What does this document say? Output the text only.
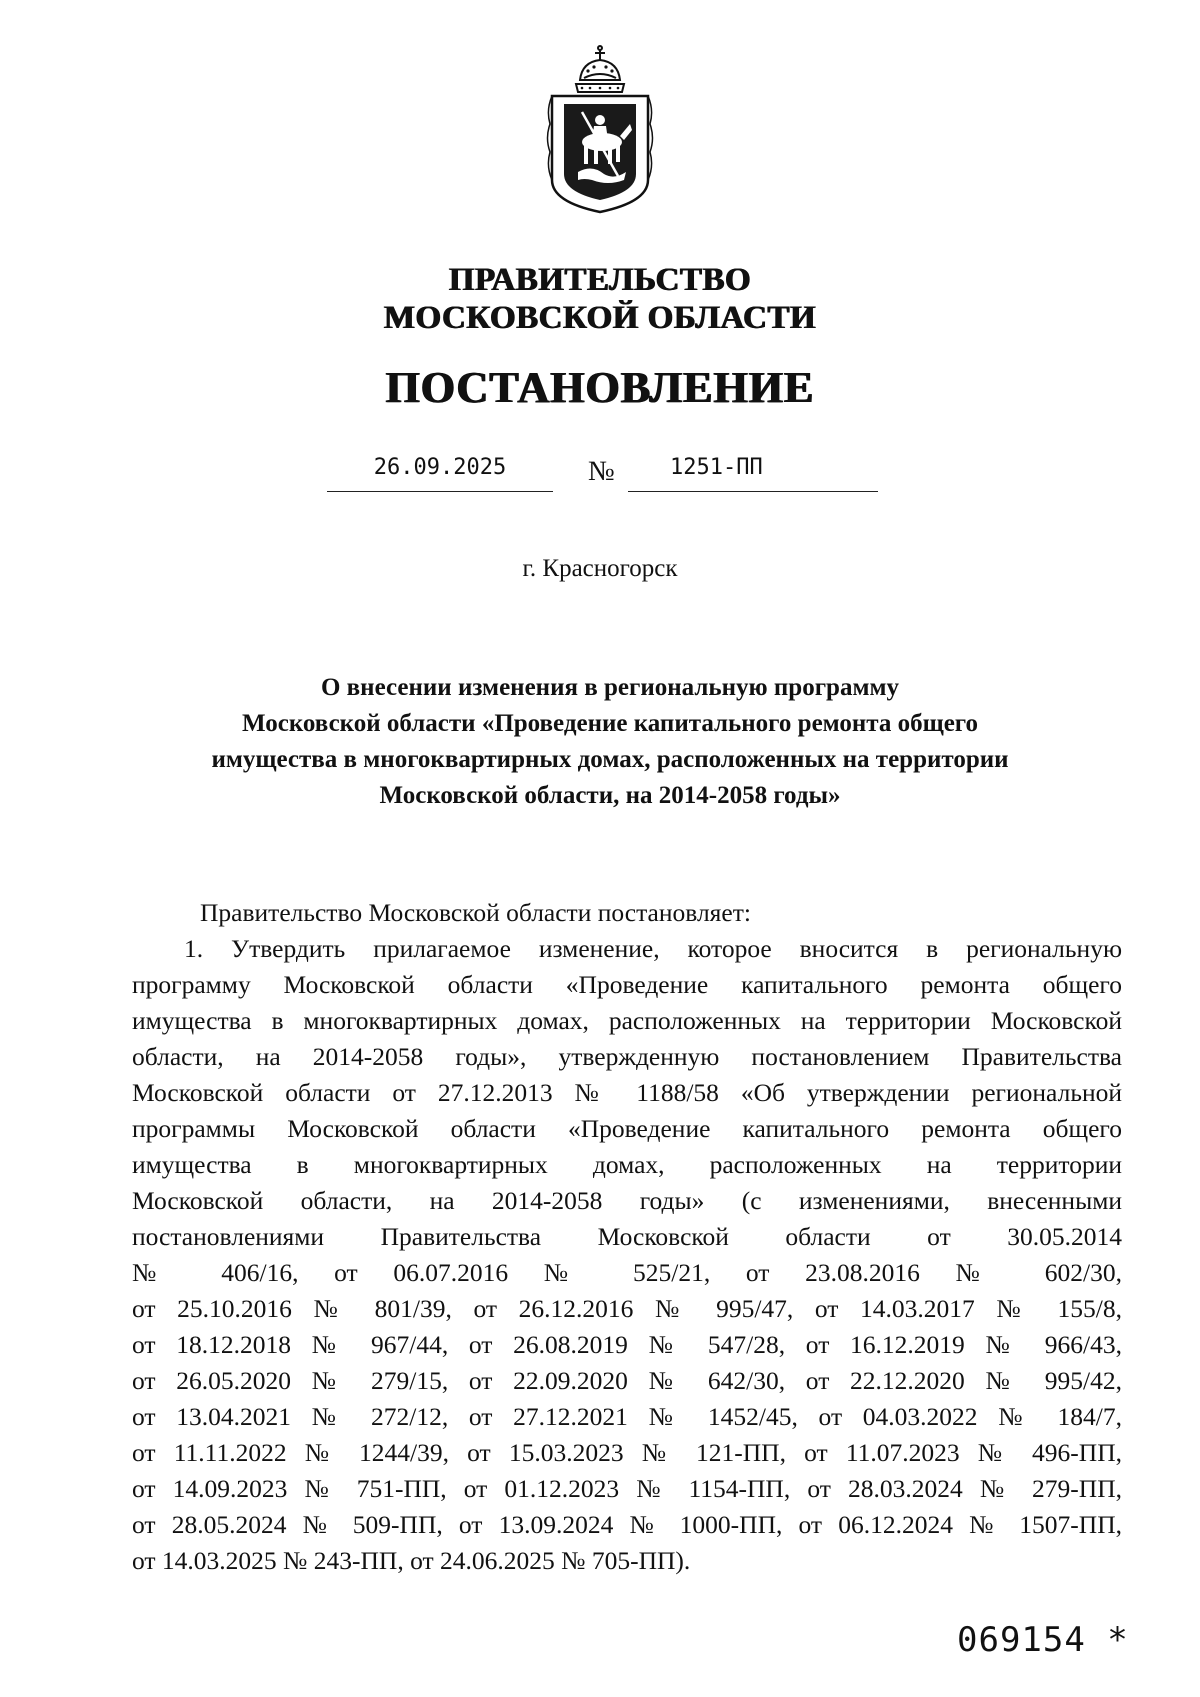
ПРАВИТЕЛЬСТВО
МОСКОВСКОЙ ОБЛАСТИ
ПОСТАНОВЛЕНИЕ
26.09.2025	№	1251-ПП
г. Красногорск
О внесении изменения в региональную программу
Московской области «Проведение капитального ремонта общего
имущества в многоквартирных домах, расположенных на территории
Московской области, на 2014-2058 годы»
Правительство Московской области постановляет:
1. Утвердить прилагаемое изменение, которое вносится в региональную
программу Московской области «Проведение капитального ремонта общего
имущества в многоквартирных домах, расположенных на территории Московской
области, на 2014-2058 годы», утвержденную постановлением Правительства
Московской области от 27.12.2013 № 1188/58 «Об утверждении региональной
программы Московской области «Проведение капитального ремонта общего
имущества в многоквартирных домах, расположенных на территории
Московской области, на 2014-2058 годы» (с изменениями, внесенными
постановлениями Правительства Московской области от 30.05.2014
№ 406/16, от 06.07.2016 № 525/21, от 23.08.2016 № 602/30,
от 25.10.2016 № 801/39, от 26.12.2016 № 995/47, от 14.03.2017 № 155/8,
от 18.12.2018 № 967/44, от 26.08.2019 № 547/28, от 16.12.2019 № 966/43,
от 26.05.2020 № 279/15, от 22.09.2020 № 642/30, от 22.12.2020 № 995/42,
от 13.04.2021 № 272/12, от 27.12.2021 № 1452/45, от 04.03.2022 № 184/7,
от 11.11.2022 № 1244/39, от 15.03.2023 № 121-ПП, от 11.07.2023 № 496-ПП,
от 14.09.2023 № 751-ПП, от 01.12.2023 № 1154-ПП, от 28.03.2024 № 279-ПП,
от 28.05.2024 № 509-ПП, от 13.09.2024 № 1000-ПП, от 06.12.2024 № 1507-ПП,
от 14.03.2025 № 243-ПП, от 24.06.2025 № 705-ПП).
069154 *
